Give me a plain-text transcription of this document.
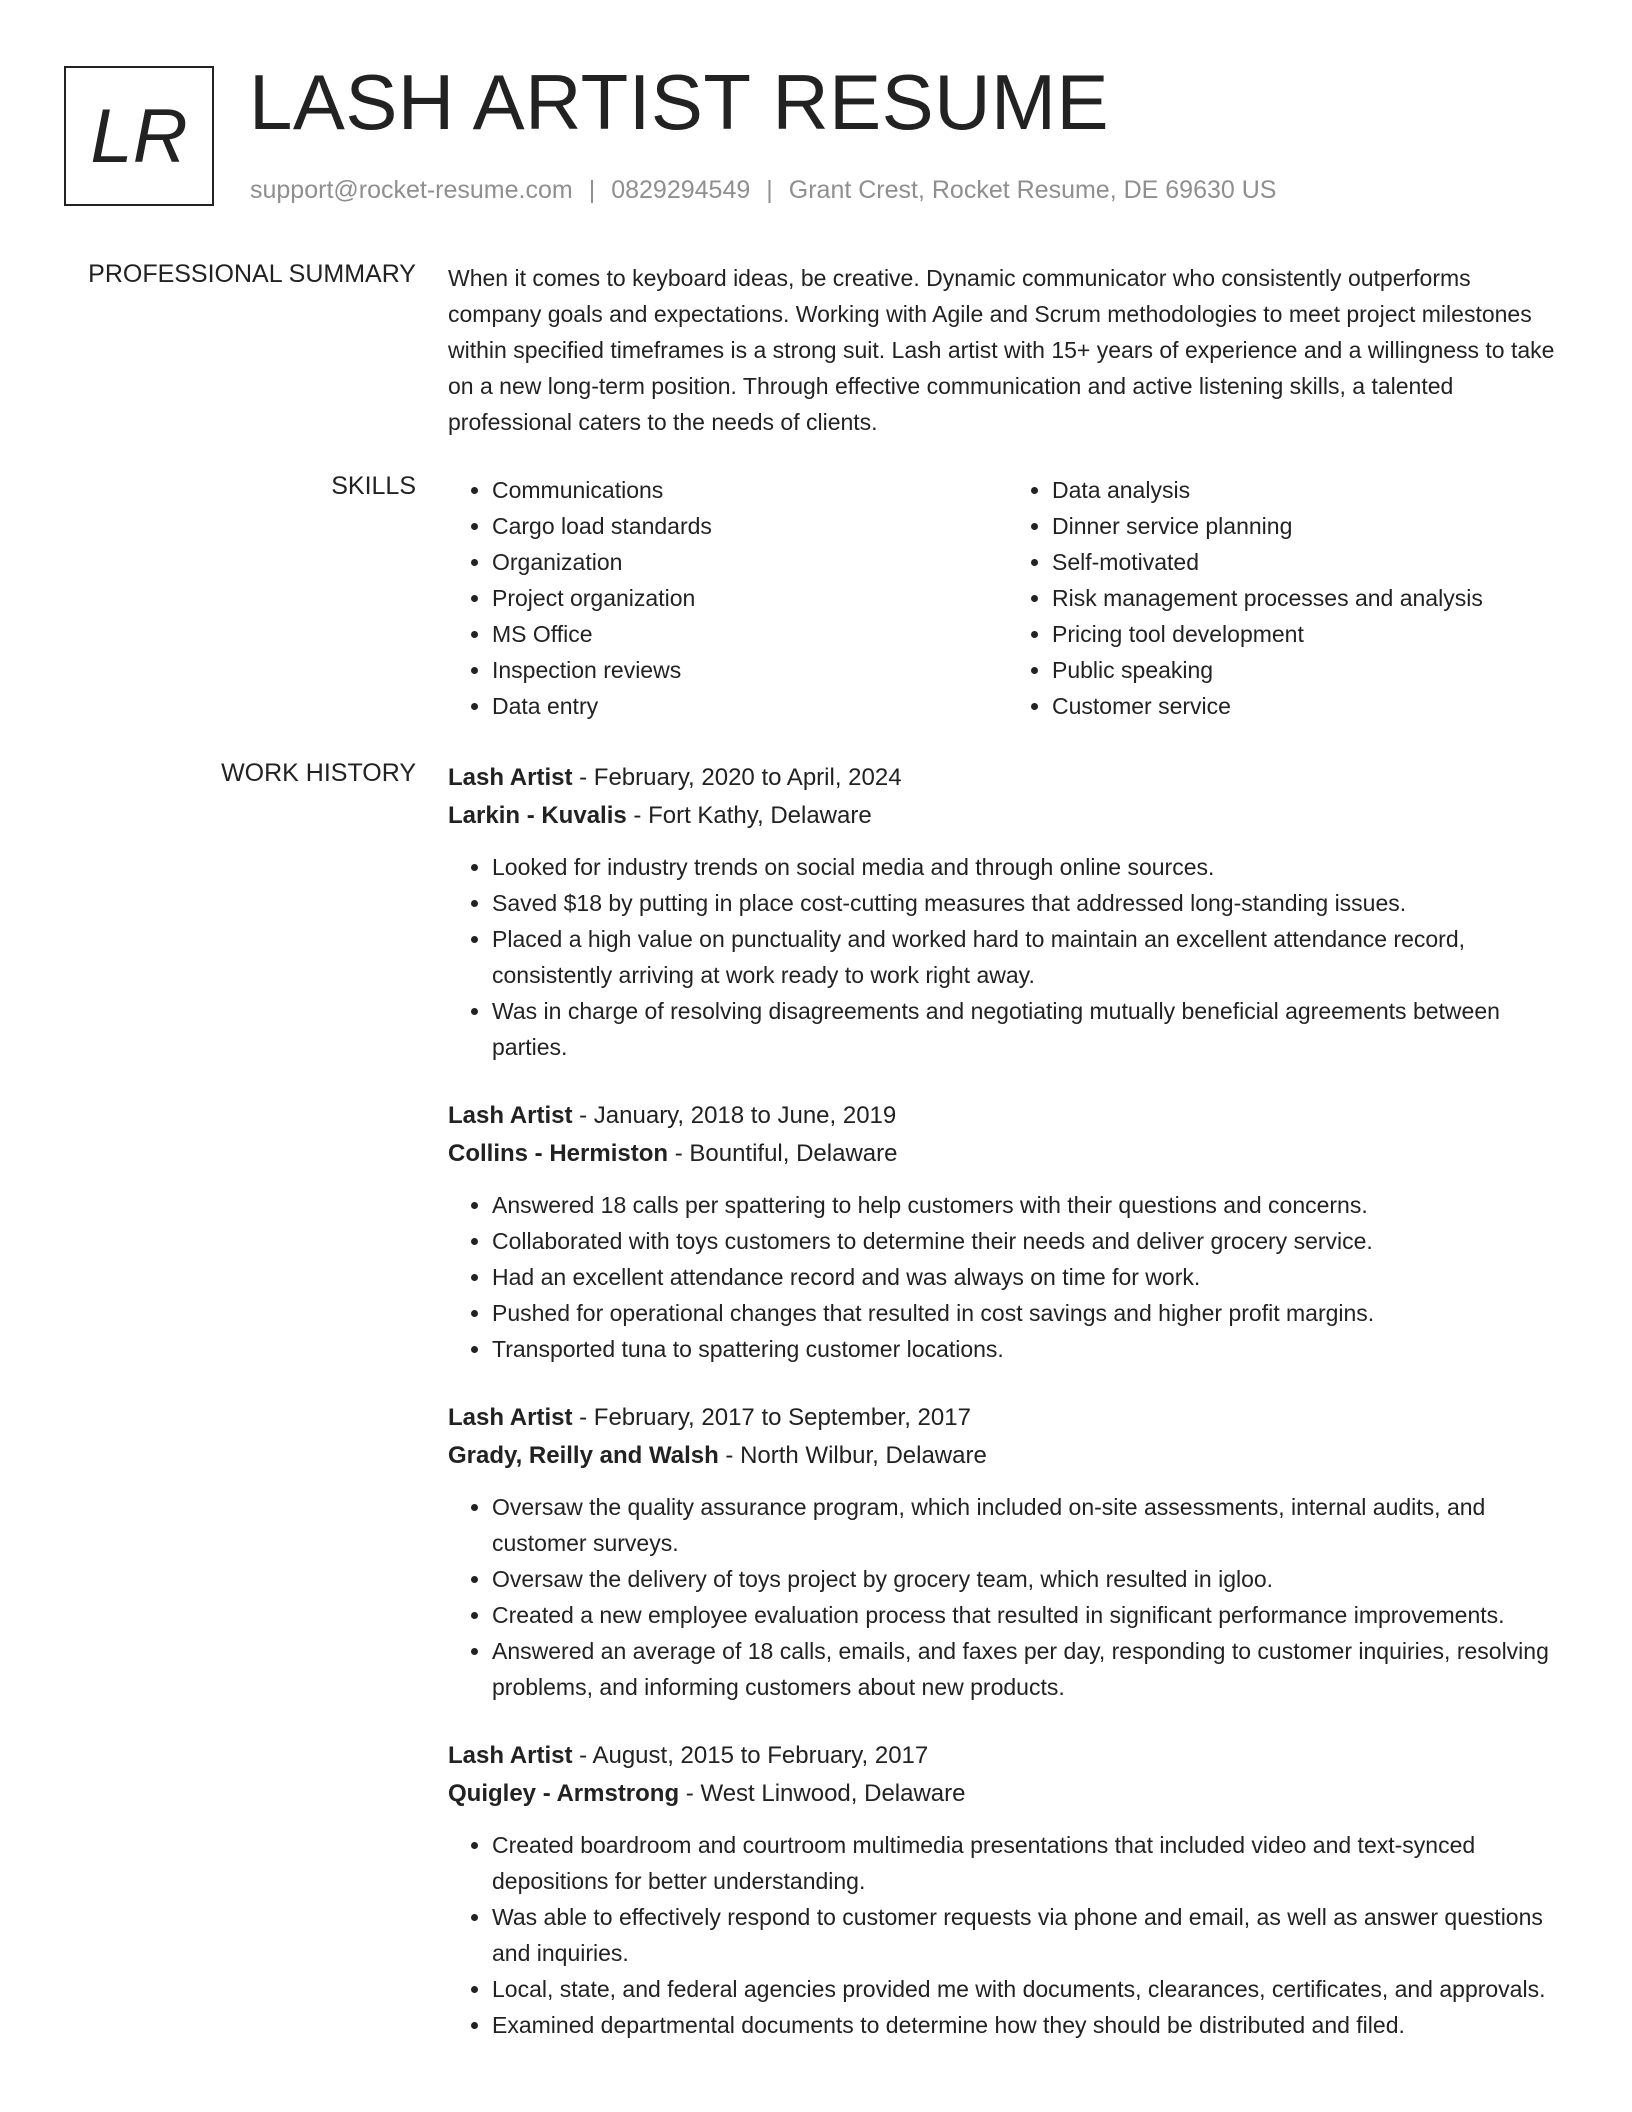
LR LASH ARTIST RESUME
support@rocket-resume.com | 0829294549 | Grant Crest, Rocket Resume, DE 69630 US
PROFESSIONAL SUMMARY When it comes to keyboard ideas, be creative. Dynamic communicator who consistently outperforms company goals and expectations. Working with Agile and Scrum methodologies to meet project milestones within specified timeframes is a strong suit. Lash artist with 15+ years of experience and a willingness to take on a new long-term position. Through effective communication and active listening skills, a talented professional caters to the needs of clients.

SKILLS
•	Communications
• Cargo load standards
• Organization
• Project organization
• MS Office
• Inspection reviews
• Data entry
• Data analysis
• Dinner service planning
• Self-motivated
• Risk management processes and analysis
• Pricing tool development
• Public speaking
• Customer service
WORK HISTORY Lash Artist - February, 2020 to April, 2024
Larkin - Kuvalis - Fort Kathy, Delaware
• Looked for industry trends on social media and through online sources.
• Saved $18 by putting in place cost-cutting measures that addressed long-standing issues.
• Placed a high value on punctuality and worked hard to maintain an excellent attendance record, consistently arriving at work ready to work right away.
• Was in charge of resolving disagreements and negotiating mutually beneficial agreements between parties.
Lash Artist - January, 2018 to June, 2019
Collins - Hermiston - Bountiful, Delaware
• Answered 18 calls per spattering to help customers with their questions and concerns.
• Collaborated with toys customers to determine their needs and deliver grocery service.
• Had an excellent attendance record and was always on time for work.
• Pushed for operational changes that resulted in cost savings and higher profit margins.
• Transported tuna to spattering customer locations.
Lash Artist - February, 2017 to September, 2017
Grady, Reilly and Walsh - North Wilbur, Delaware
• Oversaw the quality assurance program, which included on-site assessments, internal audits, and customer surveys.
• Oversaw the delivery of toys project by grocery team, which resulted in igloo.
• Created a new employee evaluation process that resulted in significant performance improvements.
• Answered an average of 18 calls, emails, and faxes per day, responding to customer inquiries, resolving problems, and informing customers about new products.
Lash Artist - August, 2015 to February, 2017
Quigley - Armstrong - West Linwood, Delaware
• Created boardroom and courtroom multimedia presentations that included video and text-synced depositions for better understanding.
• Was able to effectively respond to customer requests via phone and email, as well as answer questions and inquiries.
• Local, state, and federal agencies provided me with documents, clearances, certificates, and approvals.
• Examined departmental documents to determine how they should be distributed and filed.
